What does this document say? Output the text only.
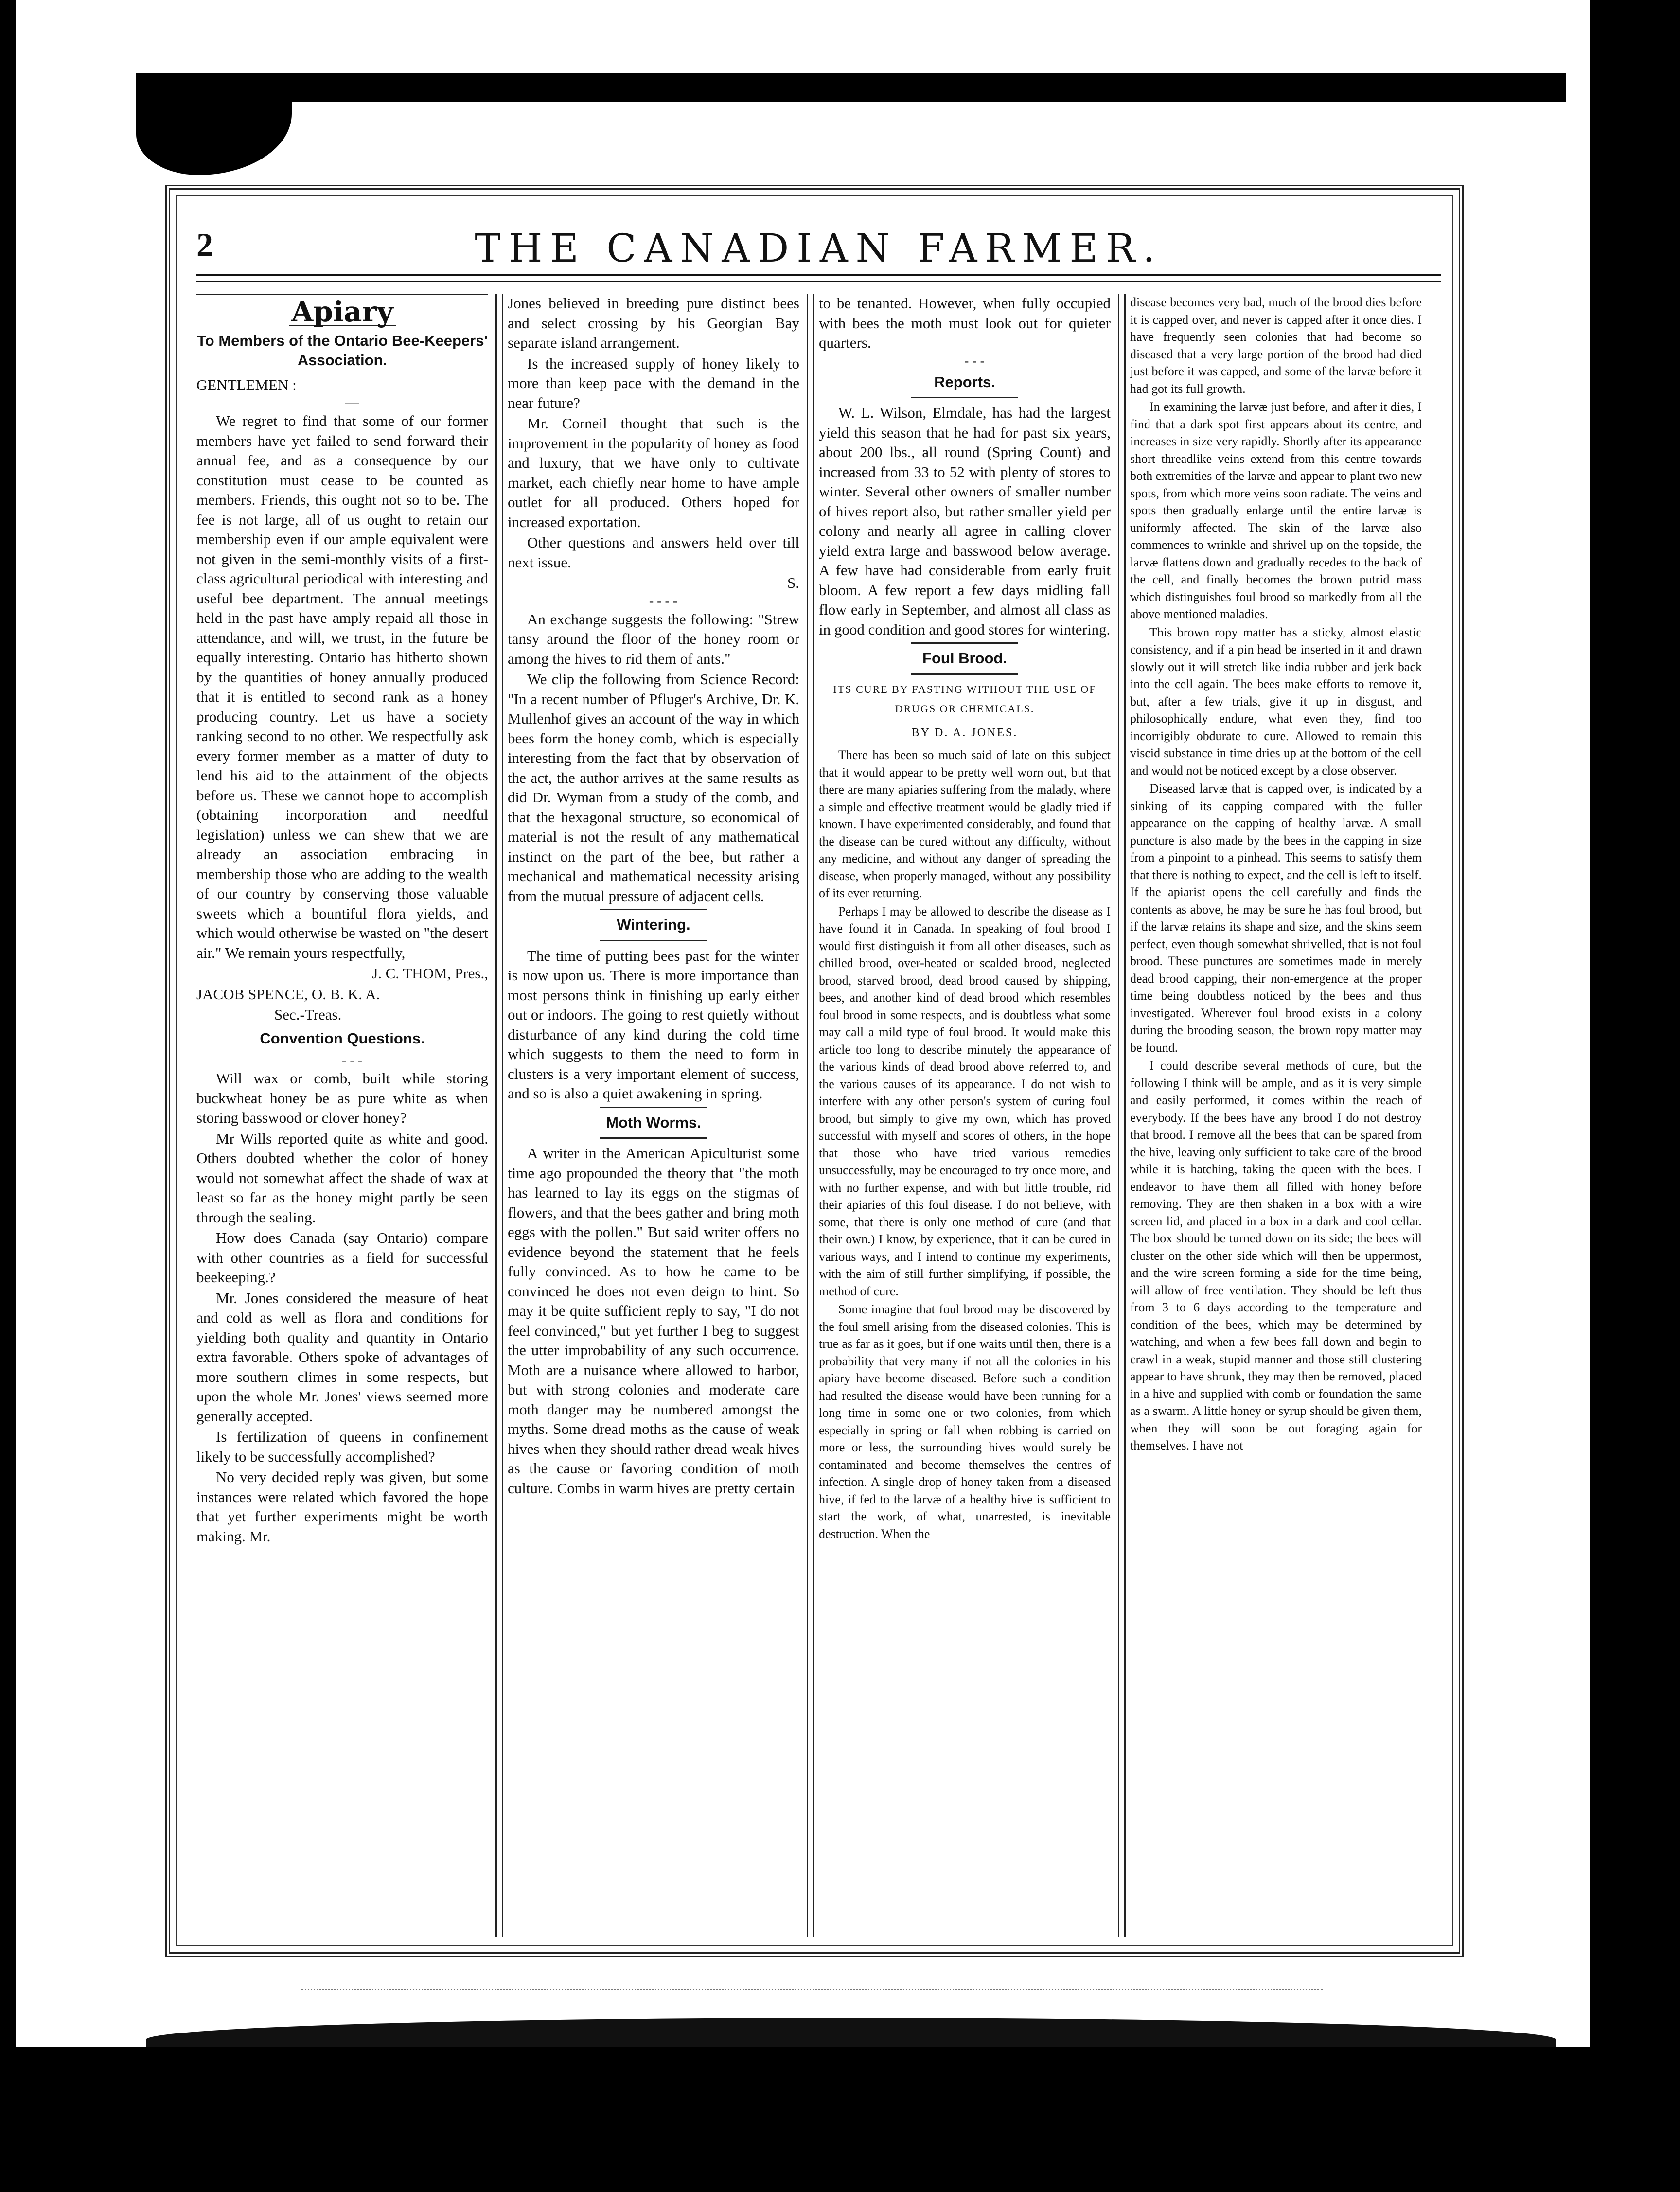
THE CANADIAN FARMER.
2
Apiary
To Members of the Ontario Bee-Keepers' Association.

GENTLEMEN :

—

We regret to find that some of our former members have yet failed to send forward their annual fee, and as a consequence by our constitution must cease to be counted as members. Friends, this ought not so to be. The fee is not large, all of us ought to retain our membership even if our ample equivalent were not given in the semi-monthly visits of a first-class agricultural periodical with interesting and useful bee department. The annual meetings held in the past have amply repaid all those in attendance, and will, we trust, in the future be equally interesting. Ontario has hitherto shown by the quantities of honey annually produced that it is entitled to second rank as a honey producing country. Let us have a society ranking second to no other. We respectfully ask every former member as a matter of duty to lend his aid to the attainment of the objects before us. These we cannot hope to accomplish (obtaining incorporation and needful legislation) unless we can shew that we are already an association embracing in membership those who are adding to the wealth of our country by conserving those valuable sweets which a bountiful flora yields, and which would otherwise be wasted on "the desert air." We remain yours respectfully,

J. C. THOM, Pres.,

JACOB SPENCE, O. B. K. A.

Sec.-Treas.

Convention Questions.

- - -

Will wax or comb, built while storing buckwheat honey be as pure white as when storing basswood or clover honey?

Mr Wills reported quite as white and good. Others doubted whether the color of honey would not somewhat affect the shade of wax at least so far as the honey might partly be seen through the sealing.

How does Canada (say Ontario) compare with other countries as a field for successful beekeeping.?

Mr. Jones considered the measure of heat and cold as well as flora and conditions for yielding both quality and quantity in Ontario extra favorable. Others spoke of advantages of more southern climes in some respects, but upon the whole Mr. Jones' views seemed more generally accepted.

Is fertilization of queens in confinement likely to be successfully accomplished?

No very decided reply was given, but some instances were related which favored the hope that yet further experiments might be worth making. Mr.

Jones believed in breeding pure distinct bees and select crossing by his Georgian Bay separate island arrangement.

Is the increased supply of honey likely to more than keep pace with the demand in the near future?

Mr. Corneil thought that such is the improvement in the popularity of honey as food and luxury, that we have only to cultivate market, each chiefly near home to have ample outlet for all produced. Others hoped for increased exportation.

Other questions and answers held over till next issue.

S.

- - - -

An exchange suggests the following: "Strew tansy around the floor of the honey room or among the hives to rid them of ants."

We clip the following from Science Record: "In a recent number of Pfluger's Archive, Dr. K. Mullenhof gives an account of the way in which bees form the honey comb, which is especially interesting from the fact that by observation of the act, the author arrives at the same results as did Dr. Wyman from a study of the comb, and that the hexagonal structure, so economical of material is not the result of any mathematical instinct on the part of the bee, but rather a mechanical and mathematical necessity arising from the mutual pressure of adjacent cells.

Wintering.

The time of putting bees past for the winter is now upon us. There is more importance than most persons think in finishing up early either out or indoors. The going to rest quietly without disturbance of any kind during the cold time which suggests to them the need to form in clusters is a very important element of success, and so is also a quiet awakening in spring.

Moth Worms.

A writer in the American Apiculturist some time ago propounded the theory that "the moth has learned to lay its eggs on the stigmas of flowers, and that the bees gather and bring moth eggs with the pollen." But said writer offers no evidence beyond the statement that he feels fully convinced. As to how he came to be convinced he does not even deign to hint. So may it be quite sufficient reply to say, "I do not feel convinced," but yet further I beg to suggest the utter improbability of any such occurrence. Moth are a nuisance where allowed to harbor, but with strong colonies and moderate care moth danger may be numbered amongst the myths. Some dread moths as the cause of weak hives when they should rather dread weak hives as the cause or favoring condition of moth culture. Combs in warm hives are pretty certain

to be tenanted. However, when fully occupied with bees the moth must look out for quieter quarters.

- - -

Reports.

W. L. Wilson, Elmdale, has had the largest yield this season that he had for past six years, about 200 lbs., all round (Spring Count) and increased from 33 to 52 with plenty of stores to winter. Several other owners of smaller number of hives report also, but rather smaller yield per colony and nearly all agree in calling clover yield extra large and basswood below average. A few have had considerable from early fruit bloom. A few report a few days midling fall flow early in September, and almost all class as in good condition and good stores for wintering.

Foul Brood.
ITS CURE BY FASTING WITHOUT THE USE OF DRUGS OR CHEMICALS.
BY D. A. JONES.

There has been so much said of late on this subject that it would appear to be pretty well worn out, but that there are many apiaries suffering from the malady, where a simple and effective treatment would be gladly tried if known. I have experimented considerably, and found that the disease can be cured without any difficulty, without any medicine, and without any danger of spreading the disease, when properly managed, without any possibility of its ever returning.

Perhaps I may be allowed to describe the disease as I have found it in Canada. In speaking of foul brood I would first distinguish it from all other diseases, such as chilled brood, over-heated or scalded brood, neglected brood, starved brood, dead brood caused by shipping, bees, and another kind of dead brood which resembles foul brood in some respects, and is doubtless what some may call a mild type of foul brood. It would make this article too long to describe minutely the appearance of the various kinds of dead brood above referred to, and the various causes of its appearance. I do not wish to interfere with any other person's system of curing foul brood, but simply to give my own, which has proved successful with myself and scores of others, in the hope that those who have tried various remedies unsuccessfully, may be encouraged to try once more, and with no further expense, and with but little trouble, rid their apiaries of this foul disease. I do not believe, with some, that there is only one method of cure (and that their own.) I know, by experience, that it can be cured in various ways, and I intend to continue my experiments, with the aim of still further simplifying, if possible, the method of cure.

Some imagine that foul brood may be discovered by the foul smell arising from the diseased colonies. This is true as far as it goes, but if one waits until then, there is a probability that very many if not all the colonies in his apiary have become diseased. Before such a condition had resulted the disease would have been running for a long time in some one or two colonies, from which especially in spring or fall when robbing is carried on more or less, the surrounding hives would surely be contaminated and become themselves the centres of infection. A single drop of honey taken from a diseased hive, if fed to the larvæ of a healthy hive is sufficient to start the work, of what, unarrested, is inevitable destruction. When the

disease becomes very bad, much of the brood dies before it is capped over, and never is capped after it once dies. I have frequently seen colonies that had become so diseased that a very large portion of the brood had died just before it was capped, and some of the larvæ before it had got its full growth.

In examining the larvæ just before, and after it dies, I find that a dark spot first appears about its centre, and increases in size very rapidly. Shortly after its appearance short threadlike veins extend from this centre towards both extremities of the larvæ and appear to plant two new spots, from which more veins soon radiate. The veins and spots then gradually enlarge until the entire larvæ is uniformly affected. The skin of the larvæ also commences to wrinkle and shrivel up on the topside, the larvæ flattens down and gradually recedes to the back of the cell, and finally becomes the brown putrid mass which distinguishes foul brood so markedly from all the above mentioned maladies.

This brown ropy matter has a sticky, almost elastic consistency, and if a pin head be inserted in it and drawn slowly out it will stretch like india rubber and jerk back into the cell again. The bees make efforts to remove it, but, after a few trials, give it up in disgust, and philosophically endure, what even they, find too incorrigibly obdurate to cure. Allowed to remain this viscid substance in time dries up at the bottom of the cell and would not be noticed except by a close observer.

Diseased larvæ that is capped over, is indicated by a sinking of its capping compared with the fuller appearance on the capping of healthy larvæ. A small puncture is also made by the bees in the capping in size from a pinpoint to a pinhead. This seems to satisfy them that there is nothing to expect, and the cell is left to itself. If the apiarist opens the cell carefully and finds the contents as above, he may be sure he has foul brood, but if the larvæ retains its shape and size, and the skins seem perfect, even though somewhat shrivelled, that is not foul brood. These punctures are sometimes made in merely dead brood capping, their non-emergence at the proper time being doubtless noticed by the bees and thus investigated. Wherever foul brood exists in a colony during the brooding season, the brown ropy matter may be found.

I could describe several methods of cure, but the following I think will be ample, and as it is very simple and easily performed, it comes within the reach of everybody. If the bees have any brood I do not destroy that brood. I remove all the bees that can be spared from the hive, leaving only sufficient to take care of the brood while it is hatching, taking the queen with the bees. I endeavor to have them all filled with honey before removing. They are then shaken in a box with a wire screen lid, and placed in a box in a dark and cool cellar. The box should be turned down on its side; the bees will cluster on the other side which will then be uppermost, and the wire screen forming a side for the time being, will allow of free ventilation. They should be left thus from 3 to 6 days according to the temperature and condition of the bees, which may be determined by watching, and when a few bees fall down and begin to crawl in a weak, stupid manner and those still clustering appear to have shrunk, they may then be removed, placed in a hive and supplied with comb or foundation the same as a swarm. A little honey or syrup should be given them, when they will soon be out foraging again for themselves. I have not
